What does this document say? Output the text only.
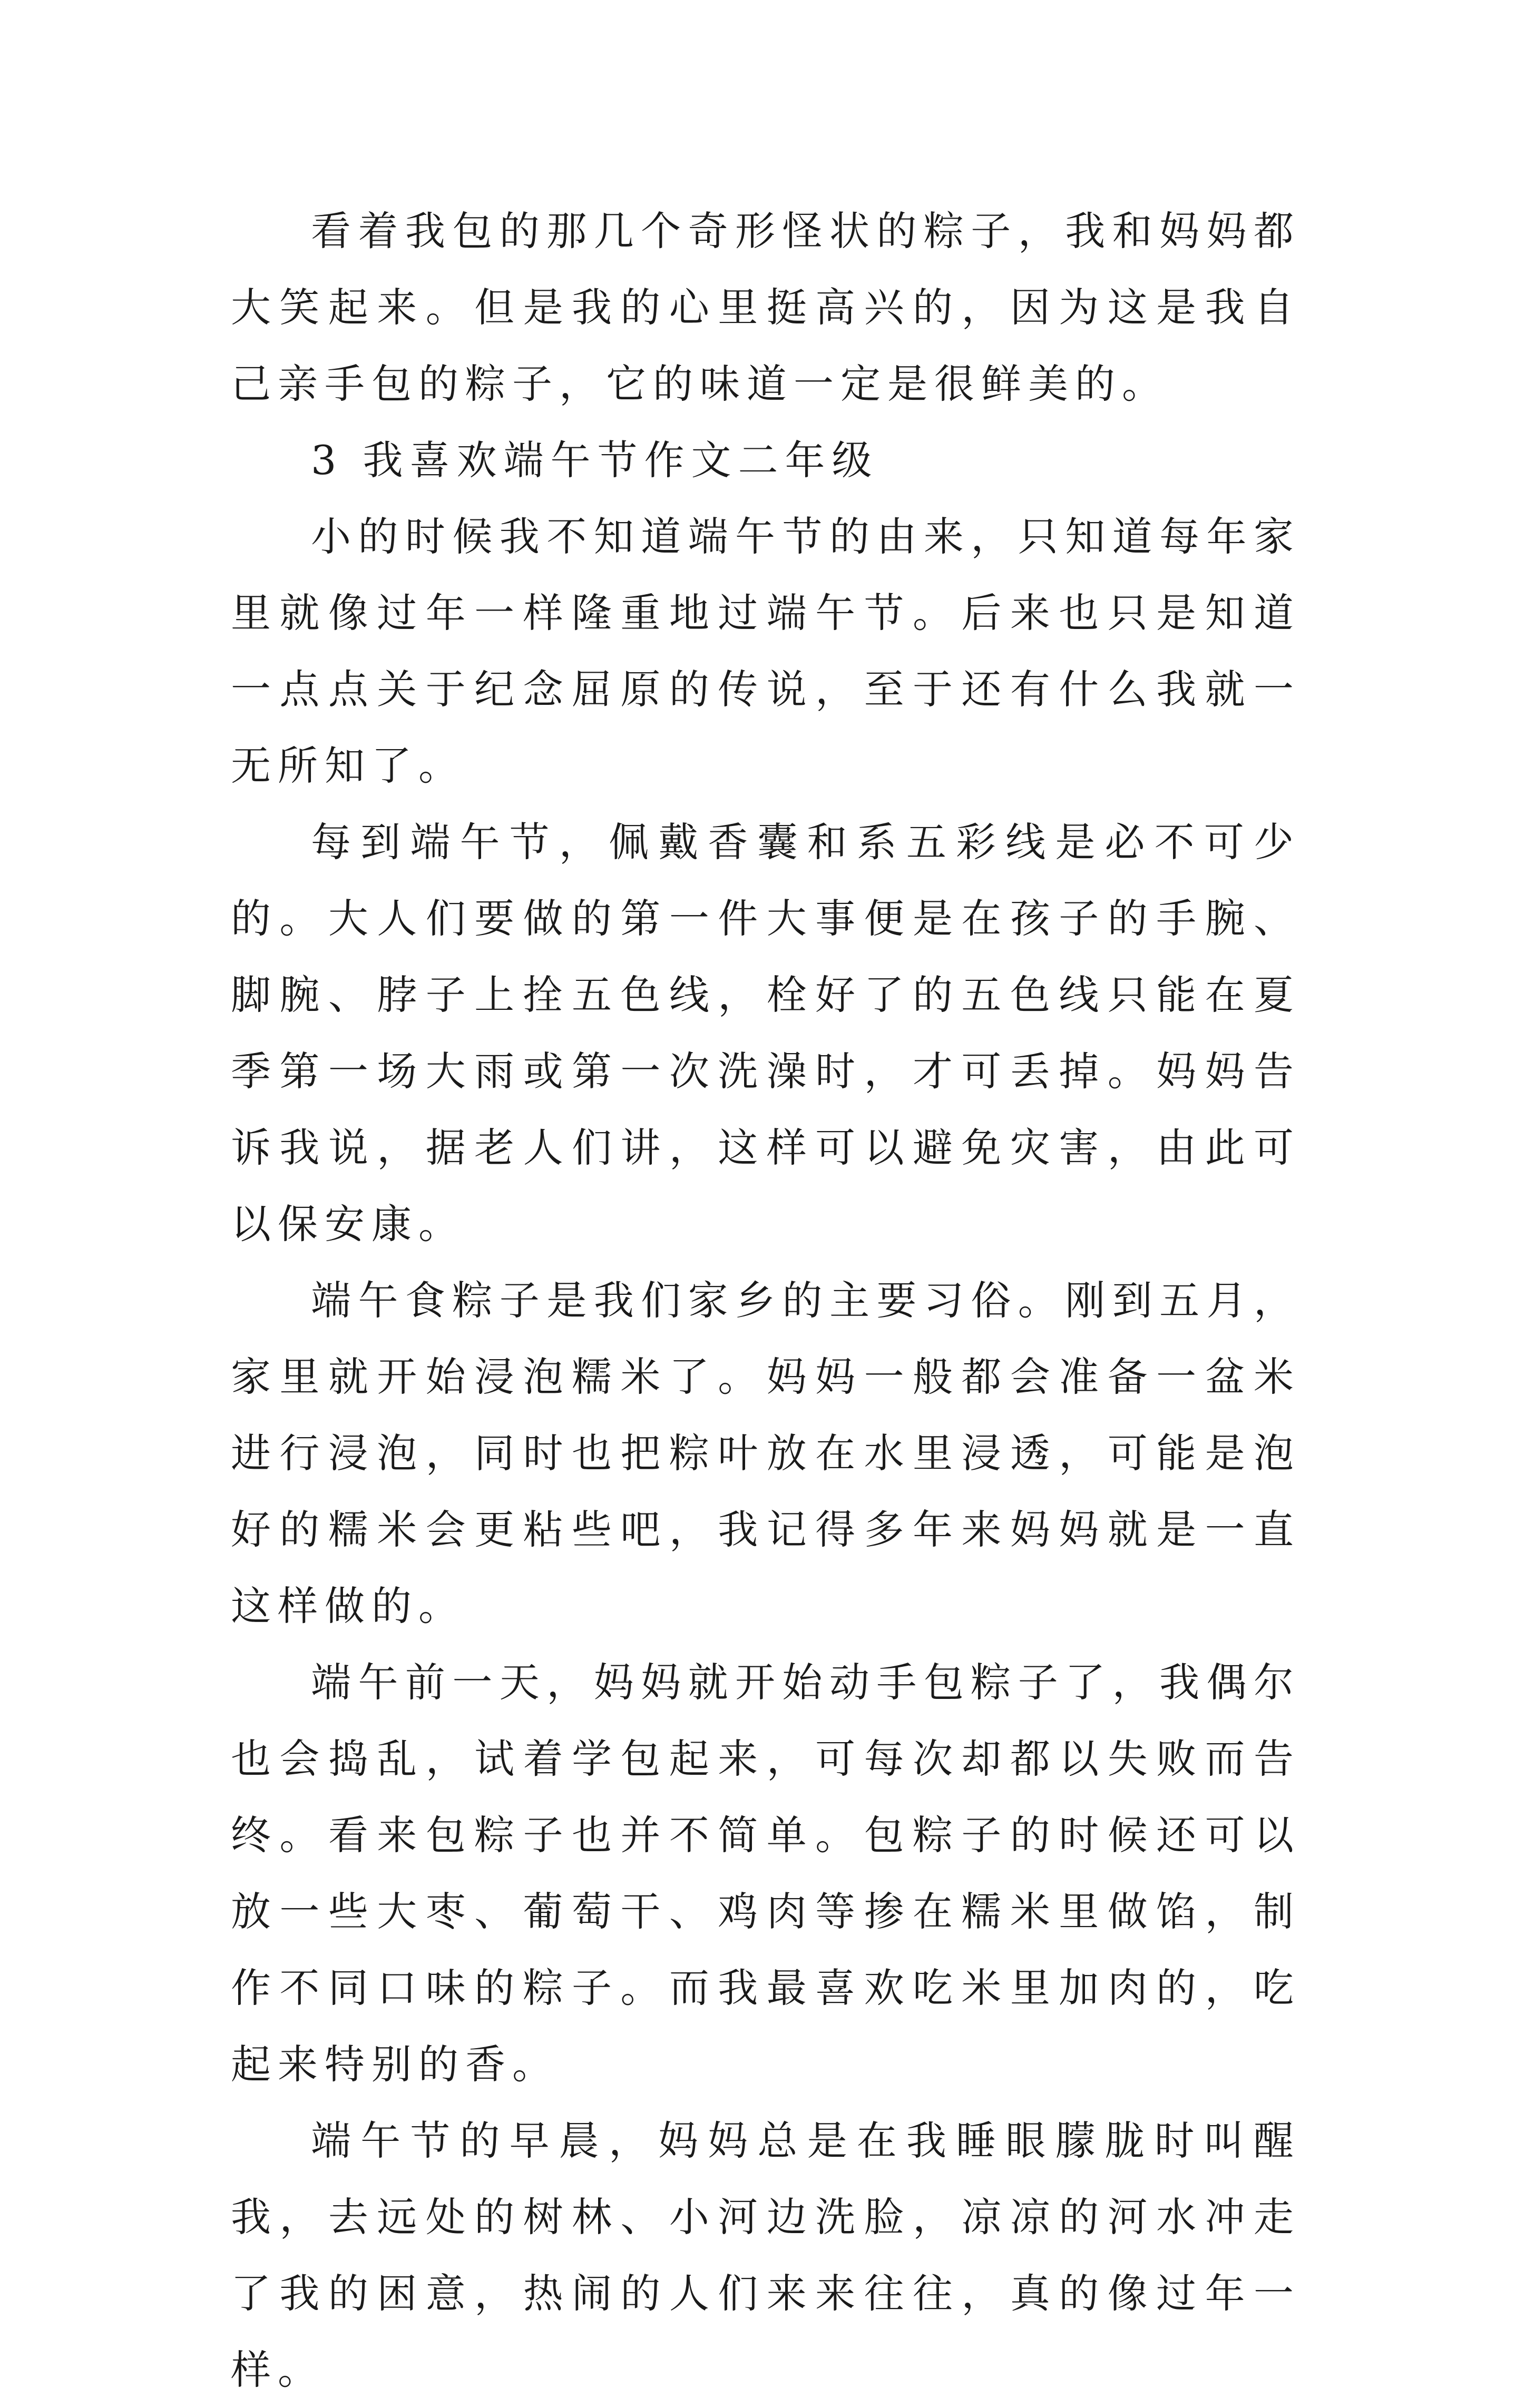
看着我包的那几个奇形怪状的粽子，我和妈妈都大笑起来。但是我的心里挺高兴的，因为这是我自己亲手包的粽子，它的味道一定是很鲜美的。

3 我喜欢端午节作文二年级

小的时候我不知道端午节的由来，只知道每年家里就像过年一样隆重地过端午节。后来也只是知道一点点关于纪念屈原的传说，至于还有什么我就一无所知了。

每到端午节，佩戴香囊和系五彩线是必不可少的。大人们要做的第一件大事便是在孩子的手腕、脚腕、脖子上拴五色线，栓好了的五色线只能在夏季第一场大雨或第一次洗澡时，才可丢掉。妈妈告诉我说，据老人们讲，这样可以避免灾害，由此可以保安康。

端午食粽子是我们家乡的主要习俗。刚到五月，家里就开始浸泡糯米了。妈妈一般都会准备一盆米进行浸泡，同时也把粽叶放在水里浸透，可能是泡好的糯米会更粘些吧，我记得多年来妈妈就是一直这样做的。

端午前一天，妈妈就开始动手包粽子了，我偶尔也会捣乱，试着学包起来，可每次却都以失败而告终。看来包粽子也并不简单。包粽子的时候还可以放一些大枣、葡萄干、鸡肉等掺在糯米里做馅，制作不同口味的粽子。而我最喜欢吃米里加肉的，吃起来特别的香。

端午节的早晨，妈妈总是在我睡眼朦胧时叫醒我，去远处的树林、小河边洗脸，凉凉的河水冲走了我的困意，热闹的人们来来往往，真的像过年一样。
